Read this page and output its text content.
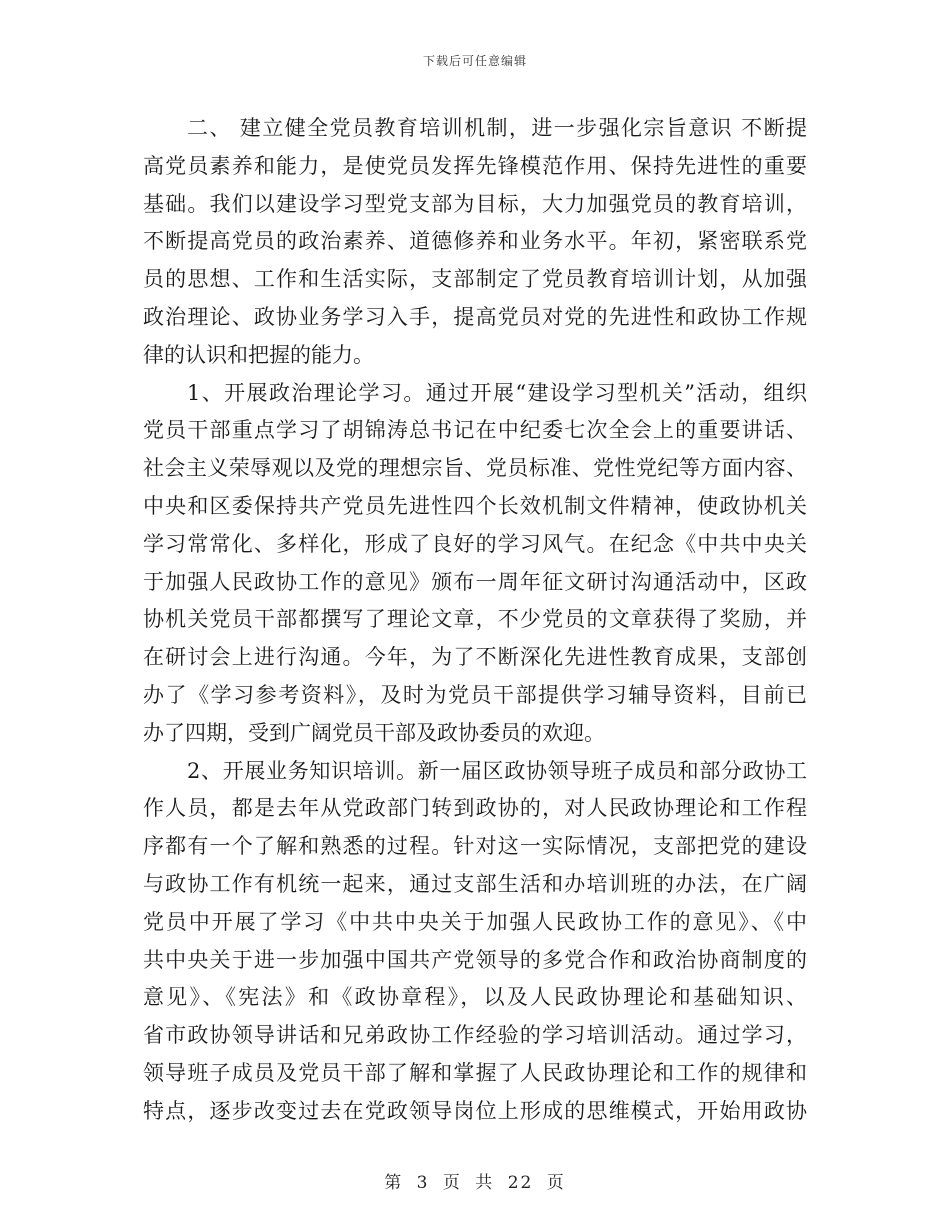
下载后可任意编辑
二、 建立健全党员教育培训机制，进一步强化宗旨意识 不断提
高党员素养和能力，是使党员发挥先锋模范作用、保持先进性的重要
基础。我们以建设学习型党支部为目标，大力加强党员的教育培训，
不断提高党员的政治素养、道德修养和业务水平。年初，紧密联系党
员的思想、工作和生活实际，支部制定了党员教育培训计划，从加强
政治理论、政协业务学习入手，提高党员对党的先进性和政协工作规
律的认识和把握的能力。
1、开展政治理论学习。通过开展“建设学习型机关”活动，组织
党员干部重点学习了胡锦涛总书记在中纪委七次全会上的重要讲话、
社会主义荣辱观以及党的理想宗旨、党员标准、党性党纪等方面内容、
中央和区委保持共产党员先进性四个长效机制文件精神，使政协机关
学习常常化、多样化，形成了良好的学习风气。在纪念《中共中央关
于加强人民政协工作的意见》颁布一周年征文研讨沟通活动中，区政
协机关党员干部都撰写了理论文章，不少党员的文章获得了奖励，并
在研讨会上进行沟通。今年，为了不断深化先进性教育成果，支部创
办了《学习参考资料》，及时为党员干部提供学习辅导资料，目前已
办了四期，受到广阔党员干部及政协委员的欢迎。
2、开展业务知识培训。新一届区政协领导班子成员和部分政协工
作人员，都是去年从党政部门转到政协的，对人民政协理论和工作程
序都有一个了解和熟悉的过程。针对这一实际情况，支部把党的建设
与政协工作有机统一起来，通过支部生活和办培训班的办法，在广阔
党员中开展了学习《中共中央关于加强人民政协工作的意见》、《中
共中央关于进一步加强中国共产党领导的多党合作和政治协商制度的
意见》、《宪法》和《政协章程》，以及人民政协理论和基础知识、
省市政协领导讲话和兄弟政协工作经验的学习培训活动。通过学习，
领导班子成员及党员干部了解和掌握了人民政协理论和工作的规律和
特点，逐步改变过去在党政领导岗位上形成的思维模式，开始用政协
第 3 页 共 22 页
